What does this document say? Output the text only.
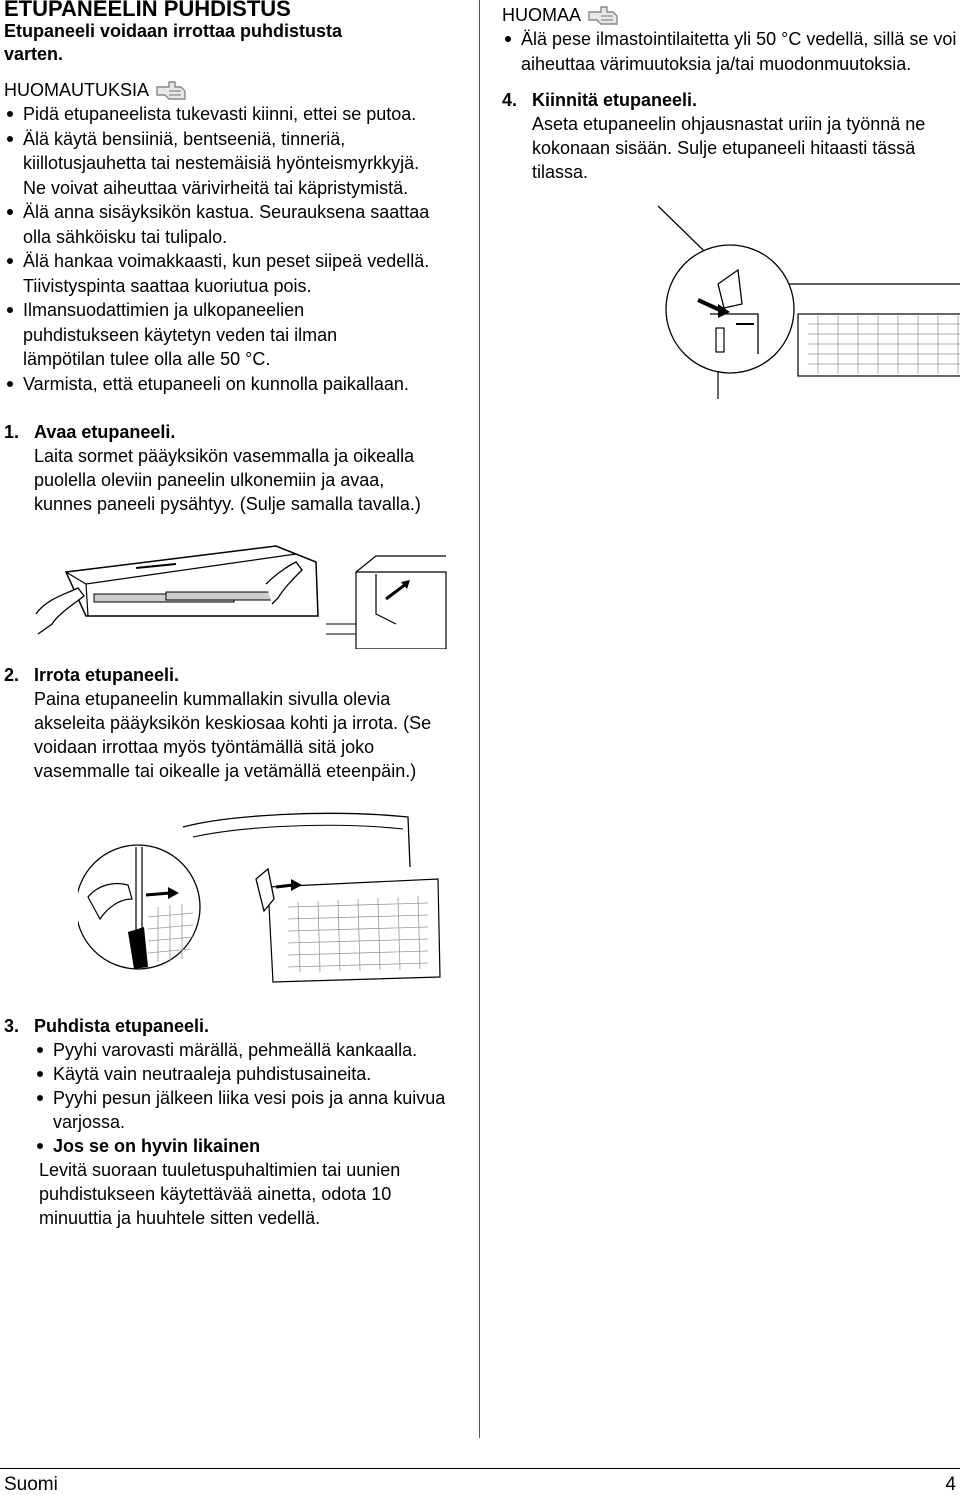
ETUPANEELIN PUHDISTUS
Etupaneeli voidaan irrottaa puhdistusta varten.
HUOMAUTUKSIA
Pidä etupaneelista tukevasti kiinni, ettei se putoa.
Älä käytä bensiiniä, bentseeniä, tinneriä, kiillotusjauhetta tai nestemäisiä hyönteismyrkkyjä. Ne voivat aiheuttaa värivirheitä tai käpristymistä.
Älä anna sisäyksikön kastua. Seurauksena saattaa olla sähköisku tai tulipalo.
Älä hankaa voimakkaasti, kun peset siipeä vedellä.
Tiivistyspinta saattaa kuoriutua pois.
Ilmansuodattimien ja ulkopaneelien puhdistukseen käytetyn veden tai ilman lämpötilan tulee olla alle 50 °C.
Varmista, että etupaneeli on kunnolla paikallaan.
1. Avaa etupaneeli.
Laita sormet pääyksikön vasemmalla ja oikealla puolella oleviin paneelin ulkonemiin ja avaa, kunnes paneeli pysähtyy. (Sulje samalla tavalla.)
2. Irrota etupaneeli.
Paina etupaneelin kummallakin sivulla olevia akseleita pääyksikön keskiosaa kohti ja irrota. (Se voidaan irrottaa myös työntämällä sitä joko vasemmalle tai oikealle ja vetämällä eteenpäin.)
3. Puhdista etupaneeli.
Pyyhi varovasti märällä, pehmeällä kankaalla.
Käytä vain neutraaleja puhdistusaineita.
Pyyhi pesun jälkeen liika vesi pois ja anna kuivua varjossa.
Jos se on hyvin likainen
Levitä suoraan tuuletuspuhaltimien tai uunien puhdistukseen käytettävää ainetta, odota 10 minuuttia ja huuhtele sitten vedellä.
HUOMAA
Älä pese ilmastointilaitetta yli 50 °C vedellä, sillä se voi aiheuttaa värimuutoksia ja/tai muodonmuutoksia.
4. Kiinnitä etupaneeli.
Aseta etupaneelin ohjausnastat uriin ja työnnä ne kokonaan sisään. Sulje etupaneeli hitaasti tässä tilassa.
Suomi	4
